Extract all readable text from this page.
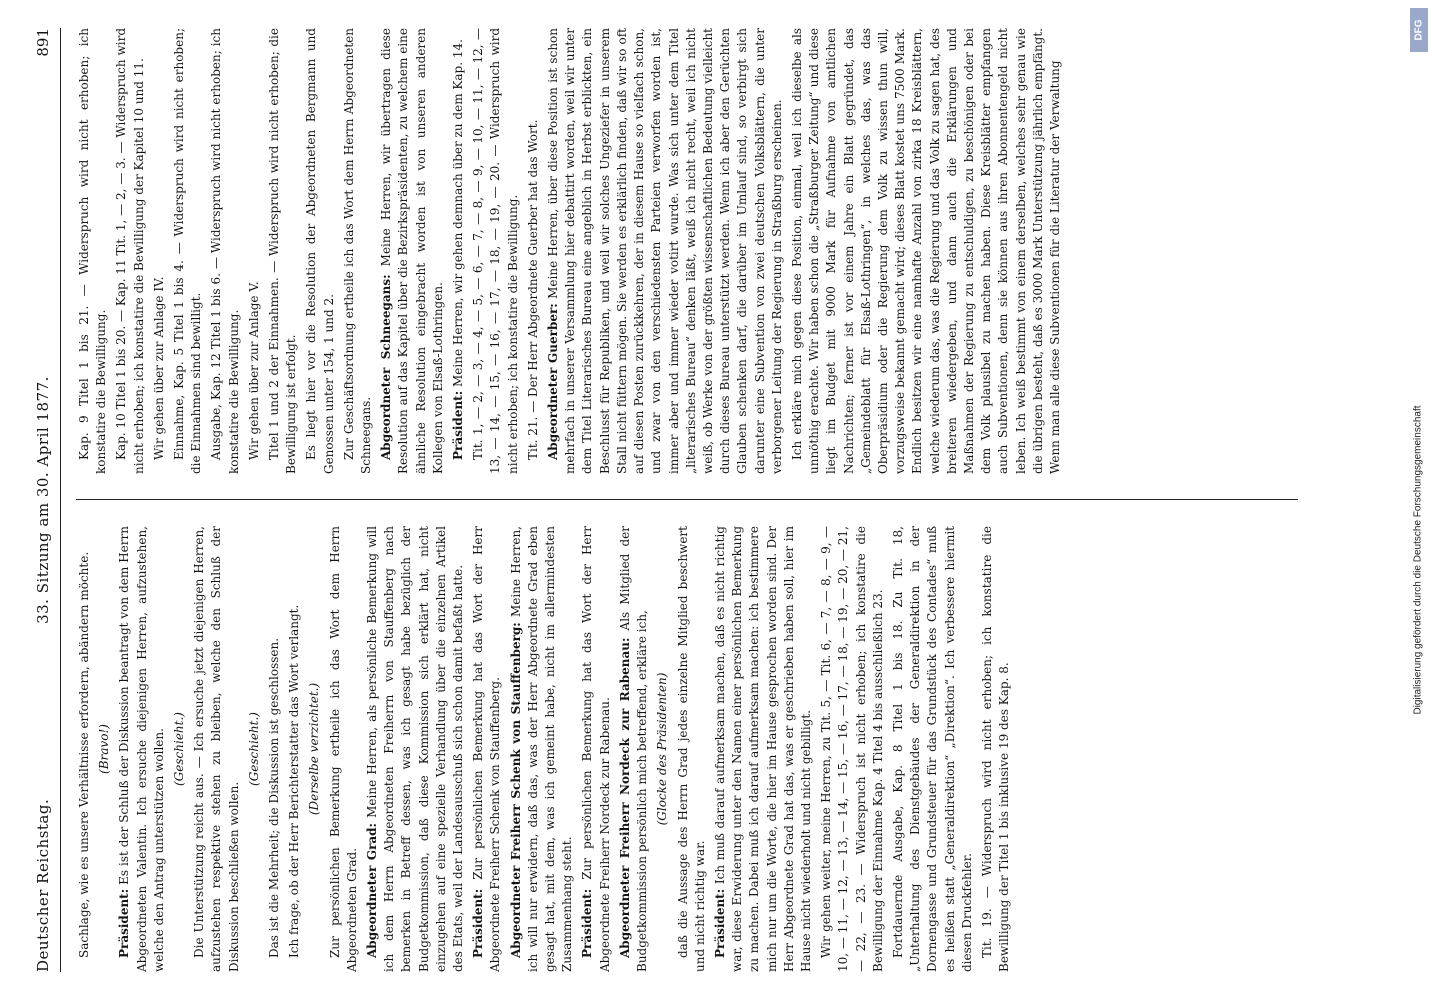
Deutscher Reichstag.
33. Sitzung am 30. April 1877.
891

Sachlage, wie es unsere Verhältnisse erfordern, abändern möchte. (Bravo!)

Präsident: Es ist der Schluß der Diskussion beantragt von dem Herrn Abgeordneten Valentin. Ich ersuche diejenigen Herren, aufzustehen, welche den Antrag unterstützen wollen. (Geschieht.) Die Unterstützung reicht aus. — Ich ersuche jetzt diejenigen Herren, aufzustehen respektive stehen zu bleiben, welche den Schluß der Diskussion beschließen wollen.

(Geschieht.) Das ist die Mehrheit; die Diskussion ist geschlossen. Ich frage, ob der Herr Berichterstatter das Wort verlangt. (Derselbe verzichtet.) Zur persönlichen Bemerkung ertheile ich das Wort dem Herrn Abgeordneten Grad. Abgeordneter Grad: Meine Herren, als persönliche Bemerkung will ich dem Herrn Abgeordneten Freiherrn von Stauffenberg nach bemerken in Betreff dessen, was ich gesagt habe bezüglich der Budgetkommission, daß diese Kommission sich erklärt hat, nicht einzugehen auf eine spezielle Verhandlung über die einzelnen Artikel des Etats, weil der Landesausschuß sich schon damit befaßt hatte. Präsident: Zur persönlichen Bemerkung hat das Wort der Herr Abgeordnete Freiherr Schenk von Stauffenberg. Abgeordneter Freiherr Schenk von Stauffenberg: Meine Herren, ich will nur erwidern, daß das, was der Herr Abgeordnete Grad eben gesagt hat, mit dem, was ich gemeint habe, nicht im allermindesten Zusammenhang steht. Präsident: Zur persönlichen Bemerkung hat das Wort der Herr Abgeordnete Freiherr Nordeck zur Rabenau. Abgeordneter Freiherr Nordeck zur Rabenau: Als Mitglied der Budgetkommission persönlich mich betreffend, erkläre ich, (Glocke des Präsidenten) daß die Aussage des Herrn Grad jedes einzelne Mitglied beschwert und nicht richtig war. Präsident: Ich muß darauf aufmerksam machen, daß es nicht richtig war, diese Erwiderung unter den Namen einer persönlichen Bemerkung zu machen. Dabei muß ich darauf aufmerksam machen: ich bestimmere mich nur um die Worte, die hier im Hause gesprochen worden sind. Der Herr Abgeordnete Grad hat das, was er geschrieben haben soll, hier im Hause nicht wiederholt und nicht gebilligt. Wir gehen weiter, meine Herren, zu Tit. 5, — Tit. 6, — 7, — 8, — 9, — 10, — 11, — 12, — 13, — 14, — 15, — 16, — 17, — 18, — 19, — 20, — 21, — 22, — 23. — Widerspruch ist nicht erhoben; ich konstatire die Bewilligung der Einnahme Kap. 4 Titel 4 bis ausschließlich 23. Fortdauernde Ausgabe, Kap. 8 Titel 1 bis 18. Zu Tit. 18, „Unterhaltung des Dienstgebäudes der Generaldirektion in der Dornengasse und Grundsteuer für das Grundstück des Contades“ muß es heißen statt „Generaldirektion“ „Direktion“. Ich verbessere hiermit diesen Druckfehler. Tit. 19. — Widerspruch wird nicht erhoben; ich konstatire die Bewilligung der Titel 1 bis inklusive 19 des Kap. 8.

Kap. 9 Titel 1 bis 21. — Widerspruch wird nicht erhoben; ich konstatire die Bewilligung. Kap. 10 Titel 1 bis 20. — Kap. 11 Tit. 1, — 2, — 3. — Widerspruch wird nicht erhoben; ich konstatire die Bewilligung der Kapitel 10 und 11. Wir gehen über zur Anlage IV. Einnahme, Kap. 5 Titel 1 bis 4. — Widerspruch wird nicht erhoben; die Einnahmen sind bewilligt. Ausgabe, Kap. 12 Titel 1 bis 6. — Widerspruch wird nicht erhoben; ich konstatire die Bewilligung. Wir gehen über zur Anlage V. Titel 1 und 2 der Einnahmen. — Widerspruch wird nicht erhoben; die Bewilligung ist erfolgt. Es liegt hier vor die Resolution der Abgeordneten Bergmann und Genossen unter 154, 1 und 2. Zur Geschäftsordnung ertheile ich das Wort dem Herrn Abgeordneten Schneegans. Abgeordneter Schneegans: Meine Herren, wir übertragen diese Resolution auf das Kapitel über die Bezirkspräsidenten, zu welchem eine ähnliche Resolution eingebracht worden ist von unseren anderen Kollegen von Elsaß-Lothringen. Präsident: Meine Herren, wir gehen demnach über zu dem Kap. 14. Tit. 1, — 2, — 3, — 4, — 5, — 6, — 7, — 8, — 9, — 10, — 11, — 12, — 13, — 14, — 15, — 16, — 17, — 18, — 19, — 20. — Widerspruch wird nicht erhoben; ich konstatire die Bewilligung. Tit. 21. — Der Herr Abgeordnete Guerber hat das Wort. Abgeordneter Guerber: Meine Herren, über diese Position ist schon mehrfach in unserer Versammlung hier debattirt worden, weil wir unter dem Titel Literarisches Bureau eine angeblich in Herbst erblickten, ein Beschlusst für Republiken, und weil wir solches Ungeziefer in unserem Stall nicht füttern mögen. Sie werden es erklärlich finden, daß wir so oft auf diesen Posten zurückkehren, der in diesem Hause so vielfach schon, und zwar von den verschiedensten Parteien verworfen worden ist, immer aber und immer wieder votirt wurde. Was sich unter dem Titel „literarisches Bureau“ denken läßt, weiß ich nicht recht, weil ich nicht weiß, ob Werke von der größten wissenschaftlichen Bedeutung vielleicht durch dieses Bureau unterstützt werden. Wenn ich aber den Gerüchten Glauben schenken darf, die darüber im Umlauf sind, so verbirgt sich darunter eine Subvention von zwei deutschen Volksblättern, die unter verborgener Leitung der Regierung in Straßburg erscheinen. Ich erkläre mich gegen diese Position, einmal, weil ich dieselbe als unnöthig erachte. Wir haben schon die „Straßburger Zeitung“ und diese liegt im Budget mit 9000 Mark für Aufnahme von amtlichen Nachrichten; ferner ist vor einem Jahre ein Blatt gegründet, das „Gemeindeblatt für Elsaß-Lothringen“, in welches das, was das Oberpräsidium oder die Regierung dem Volk zu wissen thun will, vorzugsweise bekannt gemacht wird; dieses Blatt kostet uns 7500 Mark. Endlich besitzen wir eine namhafte Anzahl von zirka 18 Kreisblättern, welche wiederum das, was die Regierung und das Volk zu sagen hat, des breiteren wiedergeben, und dann auch die Erklärungen und Maßnahmen der Regierung zu entschuldigen, zu beschönigen oder bei dem Volk plausibel zu machen haben. Diese Kreisblätter empfangen auch Subventionen, denn sie können aus ihren Abonnentengeld nicht leben. Ich weiß bestimmt von einem derselben, welches sehr genau wie die übrigen besteht, daß es 3000 Mark Unterstützung jährlich empfängt. Wenn man alle diese Subventionen für die Literatur der Verwaltung

DFG
Digitalisierung gefördert durch die Deutsche Forschungsgemeinschaft
